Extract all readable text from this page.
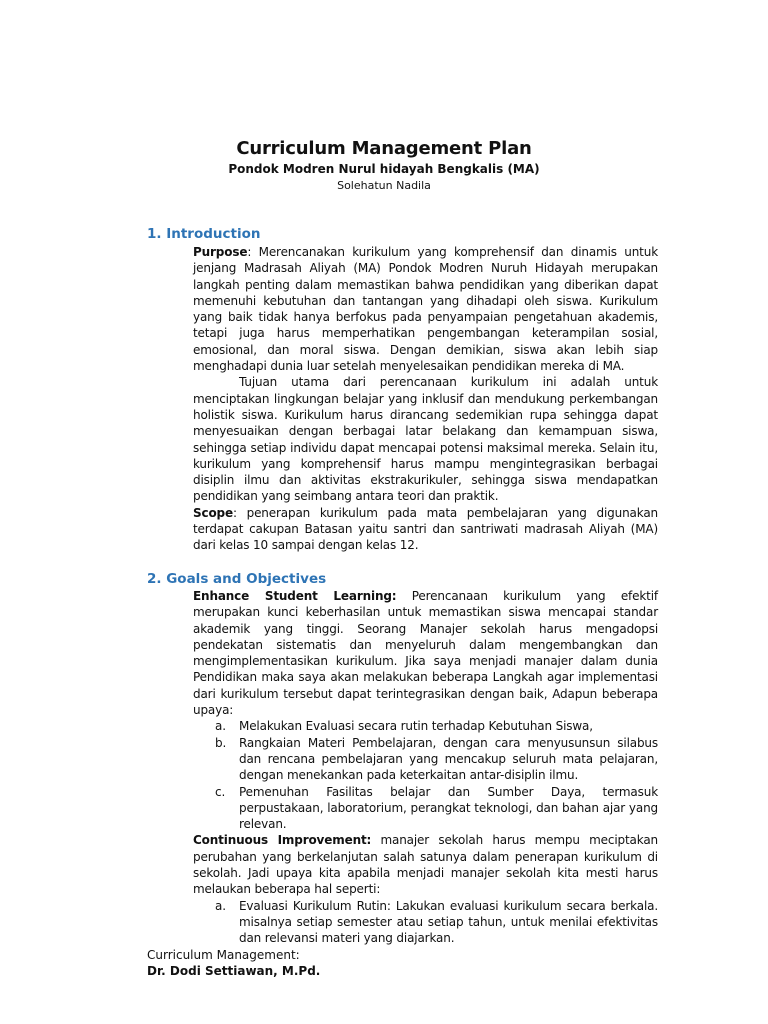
Curriculum Management Plan
Pondok Modren Nurul hidayah Bengkalis (MA)
Solehatun Nadila
1. Introduction

Purpose: Merencanakan kurikulum yang komprehensif dan dinamis untuk jenjang Madrasah Aliyah (MA) Pondok Modren Nuruh Hidayah merupakan langkah penting dalam memastikan bahwa pendidikan yang diberikan dapat memenuhi kebutuhan dan tantangan yang dihadapi oleh siswa. Kurikulum yang baik tidak hanya berfokus pada penyampaian pengetahuan akademis, tetapi juga harus memperhatikan pengembangan keterampilan sosial, emosional, dan moral siswa. Dengan demikian, siswa akan lebih siap menghadapi dunia luar setelah menyelesaikan pendidikan mereka di MA.

Tujuan utama dari perencanaan kurikulum ini adalah untuk menciptakan lingkungan belajar yang inklusif dan mendukung perkembangan holistik siswa. Kurikulum harus dirancang sedemikian rupa sehingga dapat menyesuaikan dengan berbagai latar belakang dan kemampuan siswa, sehingga setiap individu dapat mencapai potensi maksimal mereka. Selain itu, kurikulum yang komprehensif harus mampu mengintegrasikan berbagai disiplin ilmu dan aktivitas ekstrakurikuler, sehingga siswa mendapatkan pendidikan yang seimbang antara teori dan praktik.

Scope: penerapan kurikulum pada mata pembelajaran yang digunakan terdapat cakupan Batasan yaitu santri dan santriwati madrasah Aliyah (MA) dari kelas 10 sampai dengan kelas 12.

2. Goals and Objectives

Enhance Student Learning: Perencanaan kurikulum yang efektif merupakan kunci keberhasilan untuk memastikan siswa mencapai standar akademik yang tinggi. Seorang Manajer sekolah harus mengadopsi pendekatan sistematis dan menyeluruh dalam mengembangkan dan mengimplementasikan kurikulum. Jika saya menjadi manajer dalam dunia Pendidikan maka saya akan melakukan beberapa Langkah agar implementasi dari kurikulum tersebut dapat terintegrasikan dengan baik, Adapun beberapa upaya:

a. Melakukan Evaluasi secara rutin terhadap Kebutuhan Siswa,
b. Rangkaian Materi Pembelajaran, dengan cara menyusunsun silabus dan rencana pembelajaran yang mencakup seluruh mata pelajaran, dengan menekankan pada keterkaitan antar-disiplin ilmu.
c. Pemenuhan Fasilitas belajar dan Sumber Daya, termasuk perpustakaan, laboratorium, perangkat teknologi, dan bahan ajar yang relevan.

Continuous Improvement: manajer sekolah harus mempu meciptakan perubahan yang berkelanjutan salah satunya dalam penerapan kurikulum di sekolah. Jadi upaya kita apabila menjadi manajer sekolah kita mesti harus melaukan beberapa hal seperti:

a. Evaluasi Kurikulum Rutin: Lakukan evaluasi kurikulum secara berkala. misalnya setiap semester atau setiap tahun, untuk menilai efektivitas dan relevansi materi yang diajarkan.
Curriculum Management:
Dr. Dodi Settiawan, M.Pd.
